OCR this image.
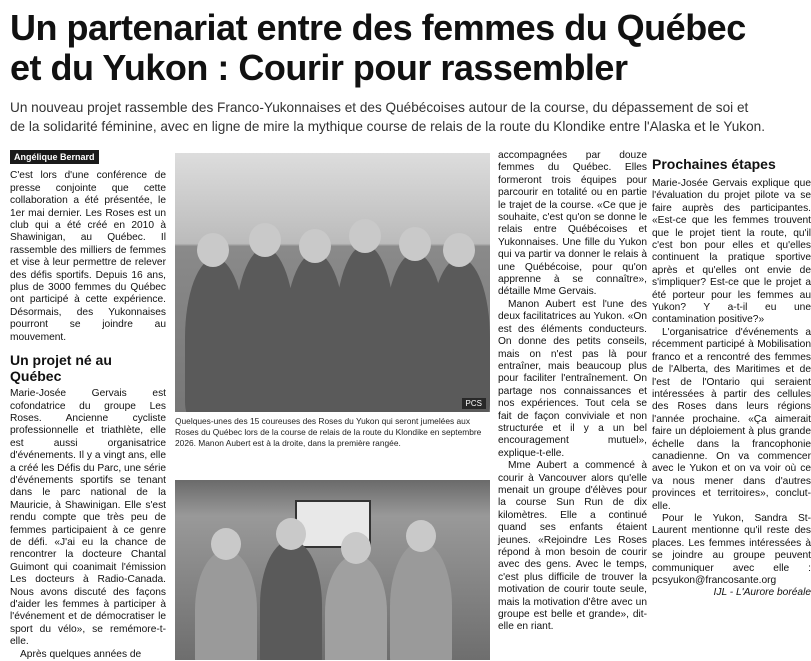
Un partenariat entre des femmes du Québec
et du Yukon : Courir pour rassembler
Un nouveau projet rassemble des Franco-Yukonnaises et des Québécoises autour de la course, du dépassement de soi et
de la solidarité féminine, avec en ligne de mire la mythique course de relais de la route du Klondike entre l'Alaska et le Yukon.
Angélique Bernard

C'est lors d'une conférence de presse conjointe que cette collaboration a été présentée, le 1er mai dernier. Les Roses est un club qui a été créé en 2010 à Shawinigan, au Québec. Il rassemble des milliers de femmes et vise à leur permettre de relever des défis sportifs. Depuis 16 ans, plus de 3000 femmes du Québec ont participé à cette expérience. Désormais, des Yukonnaises pourront se joindre au mouvement.

Un projet né au Québec

Marie-Josée Gervais est cofondatrice du groupe Les Roses. Ancienne cycliste professionnelle et triathlète, elle est aussi organisatrice d'événements. Il y a vingt ans, elle a créé les Défis du Parc, une série d'événements sportifs se tenant dans le parc national de la Mauricie, à Shawinigan. Elle s'est rendu compte que très peu de femmes participaient à ce genre de défi. «J'ai eu la chance de rencontrer la docteure Chantal Guimont qui coanimait l'émission Les docteurs à Radio-Canada. Nous avons discuté des façons d'aider les femmes à participer à l'événement et de démocratiser le sport du vélo», se remémore-t-elle.

Après quelques années de

PCS
Quelques-unes des 15 coureuses des Roses du Yukon qui seront jumelées aux Roses du Québec lors de la course de relais de la route du Klondike en septembre 2026. Manon Aubert est à la droite, dans la première rangée.

accompagnées par douze femmes du Québec. Elles formeront trois équipes pour parcourir en totalité ou en partie le trajet de la course. «Ce que je souhaite, c'est qu'on se donne le relais entre Québécoises et Yukonnaises. Une fille du Yukon qui va partir va donner le relais à une Québécoise, pour qu'on apprenne à se connaître», détaille Mme Gervais.

Manon Aubert est l'une des deux facilitatrices au Yukon. «On est des éléments conducteurs. On donne des petits conseils, mais on n'est pas là pour entraîner, mais beaucoup plus pour faciliter l'entraînement. On partage nos connaissances et nos expériences. Tout cela se fait de façon conviviale et non structurée et il y a un bel encouragement mutuel», explique-t-elle.

Mme Aubert a commencé à courir à Vancouver alors qu'elle menait un groupe d'élèves pour la course Sun Run de dix kilomètres. Elle a continué quand ses enfants étaient jeunes. «Rejoindre Les Roses répond à mon besoin de courir avec des gens. Avec le temps, c'est plus difficile de trouver la motivation de courir toute seule, mais la motivation d'être avec un groupe est belle et grande», dit-elle en riant.

Prochaines étapes

Marie-Josée Gervais explique que l'évaluation du projet pilote va se faire auprès des participantes. «Est-ce que les femmes trouvent que le projet tient la route, qu'il c'est bon pour elles et qu'elles continuent la pratique sportive après et qu'elles ont envie de s'impliquer? Est-ce que le projet a été porteur pour les femmes au Yukon? Y a-t-il eu une contamination positive?»

L'organisatrice d'événements a récemment participé à Mobilisation franco et a rencontré des femmes de l'Alberta, des Maritimes et de l'est de l'Ontario qui seraient intéressées à partir des cellules des Roses dans leurs régions l'année prochaine. «Ça aimerait faire un déploiement à plus grande échelle dans la francophonie canadienne. On va commencer avec le Yukon et on va voir où ce va nous mener dans d'autres provinces et territoires», conclut-elle.

Pour le Yukon, Sandra St-Laurent mentionne qu'il reste des places. Les femmes intéressées à se joindre au groupe peuvent communiquer avec elle : pcsyukon@francosante.org

IJL - L'Aurore boréale
